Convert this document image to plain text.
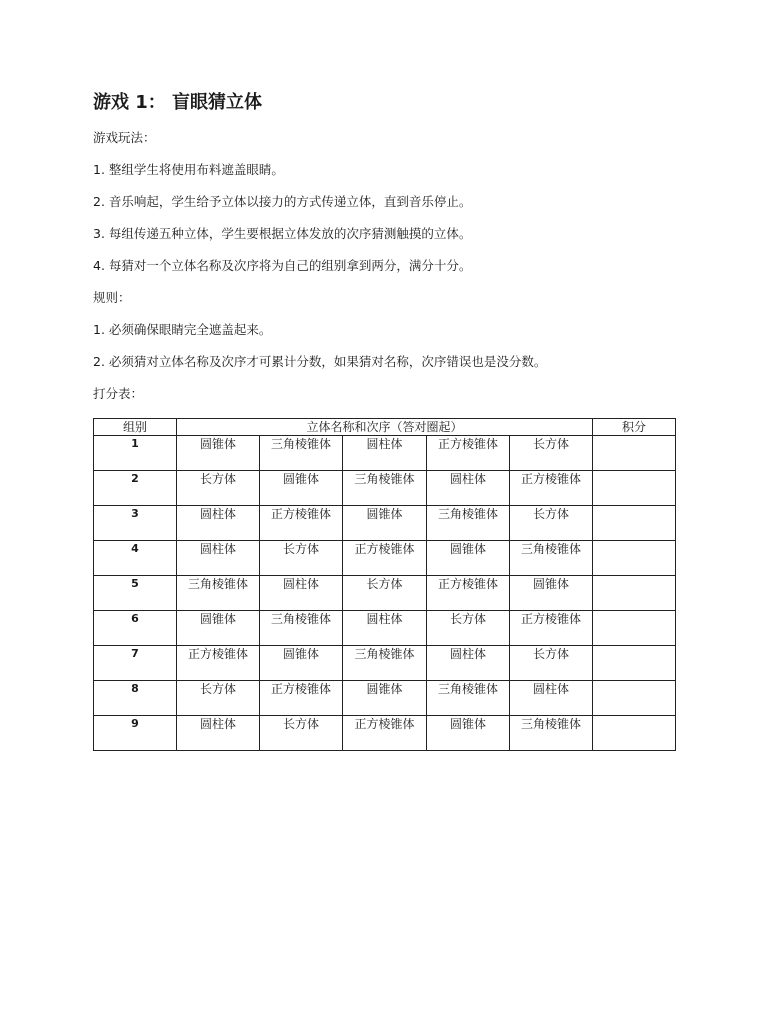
游戏 1： 盲眼猜立体
游戏玩法：
1. 整组学生将使用布料遮盖眼睛。
2. 音乐响起，学生给予立体以接力的方式传递立体，直到音乐停止。
3. 每组传递五种立体，学生要根据立体发放的次序猜测触摸的立体。
4. 每猜对一个立体名称及次序将为自己的组别拿到两分，满分十分。
规则：
1. 必须确保眼睛完全遮盖起来。
2. 必须猜对立体名称及次序才可累计分数，如果猜对名称，次序错误也是没分数。
打分表：
组别	立体名称和次序（答对圈起）					积分
1	圆锥体	三角棱锥体	圆柱体	正方棱锥体	长方体	
2	长方体	圆锥体	三角棱锥体	圆柱体	正方棱锥体	
3	圆柱体	正方棱锥体	圆锥体	三角棱锥体	长方体	
4	圆柱体	长方体	正方棱锥体	圆锥体	三角棱锥体	
5	三角棱锥体	圆柱体	长方体	正方棱锥体	圆锥体	
6	圆锥体	三角棱锥体	圆柱体	长方体	正方棱锥体	
7	正方棱锥体	圆锥体	三角棱锥体	圆柱体	长方体	
8	长方体	正方棱锥体	圆锥体	三角棱锥体	圆柱体	
9	圆柱体	长方体	正方棱锥体	圆锥体	三角棱锥体	
